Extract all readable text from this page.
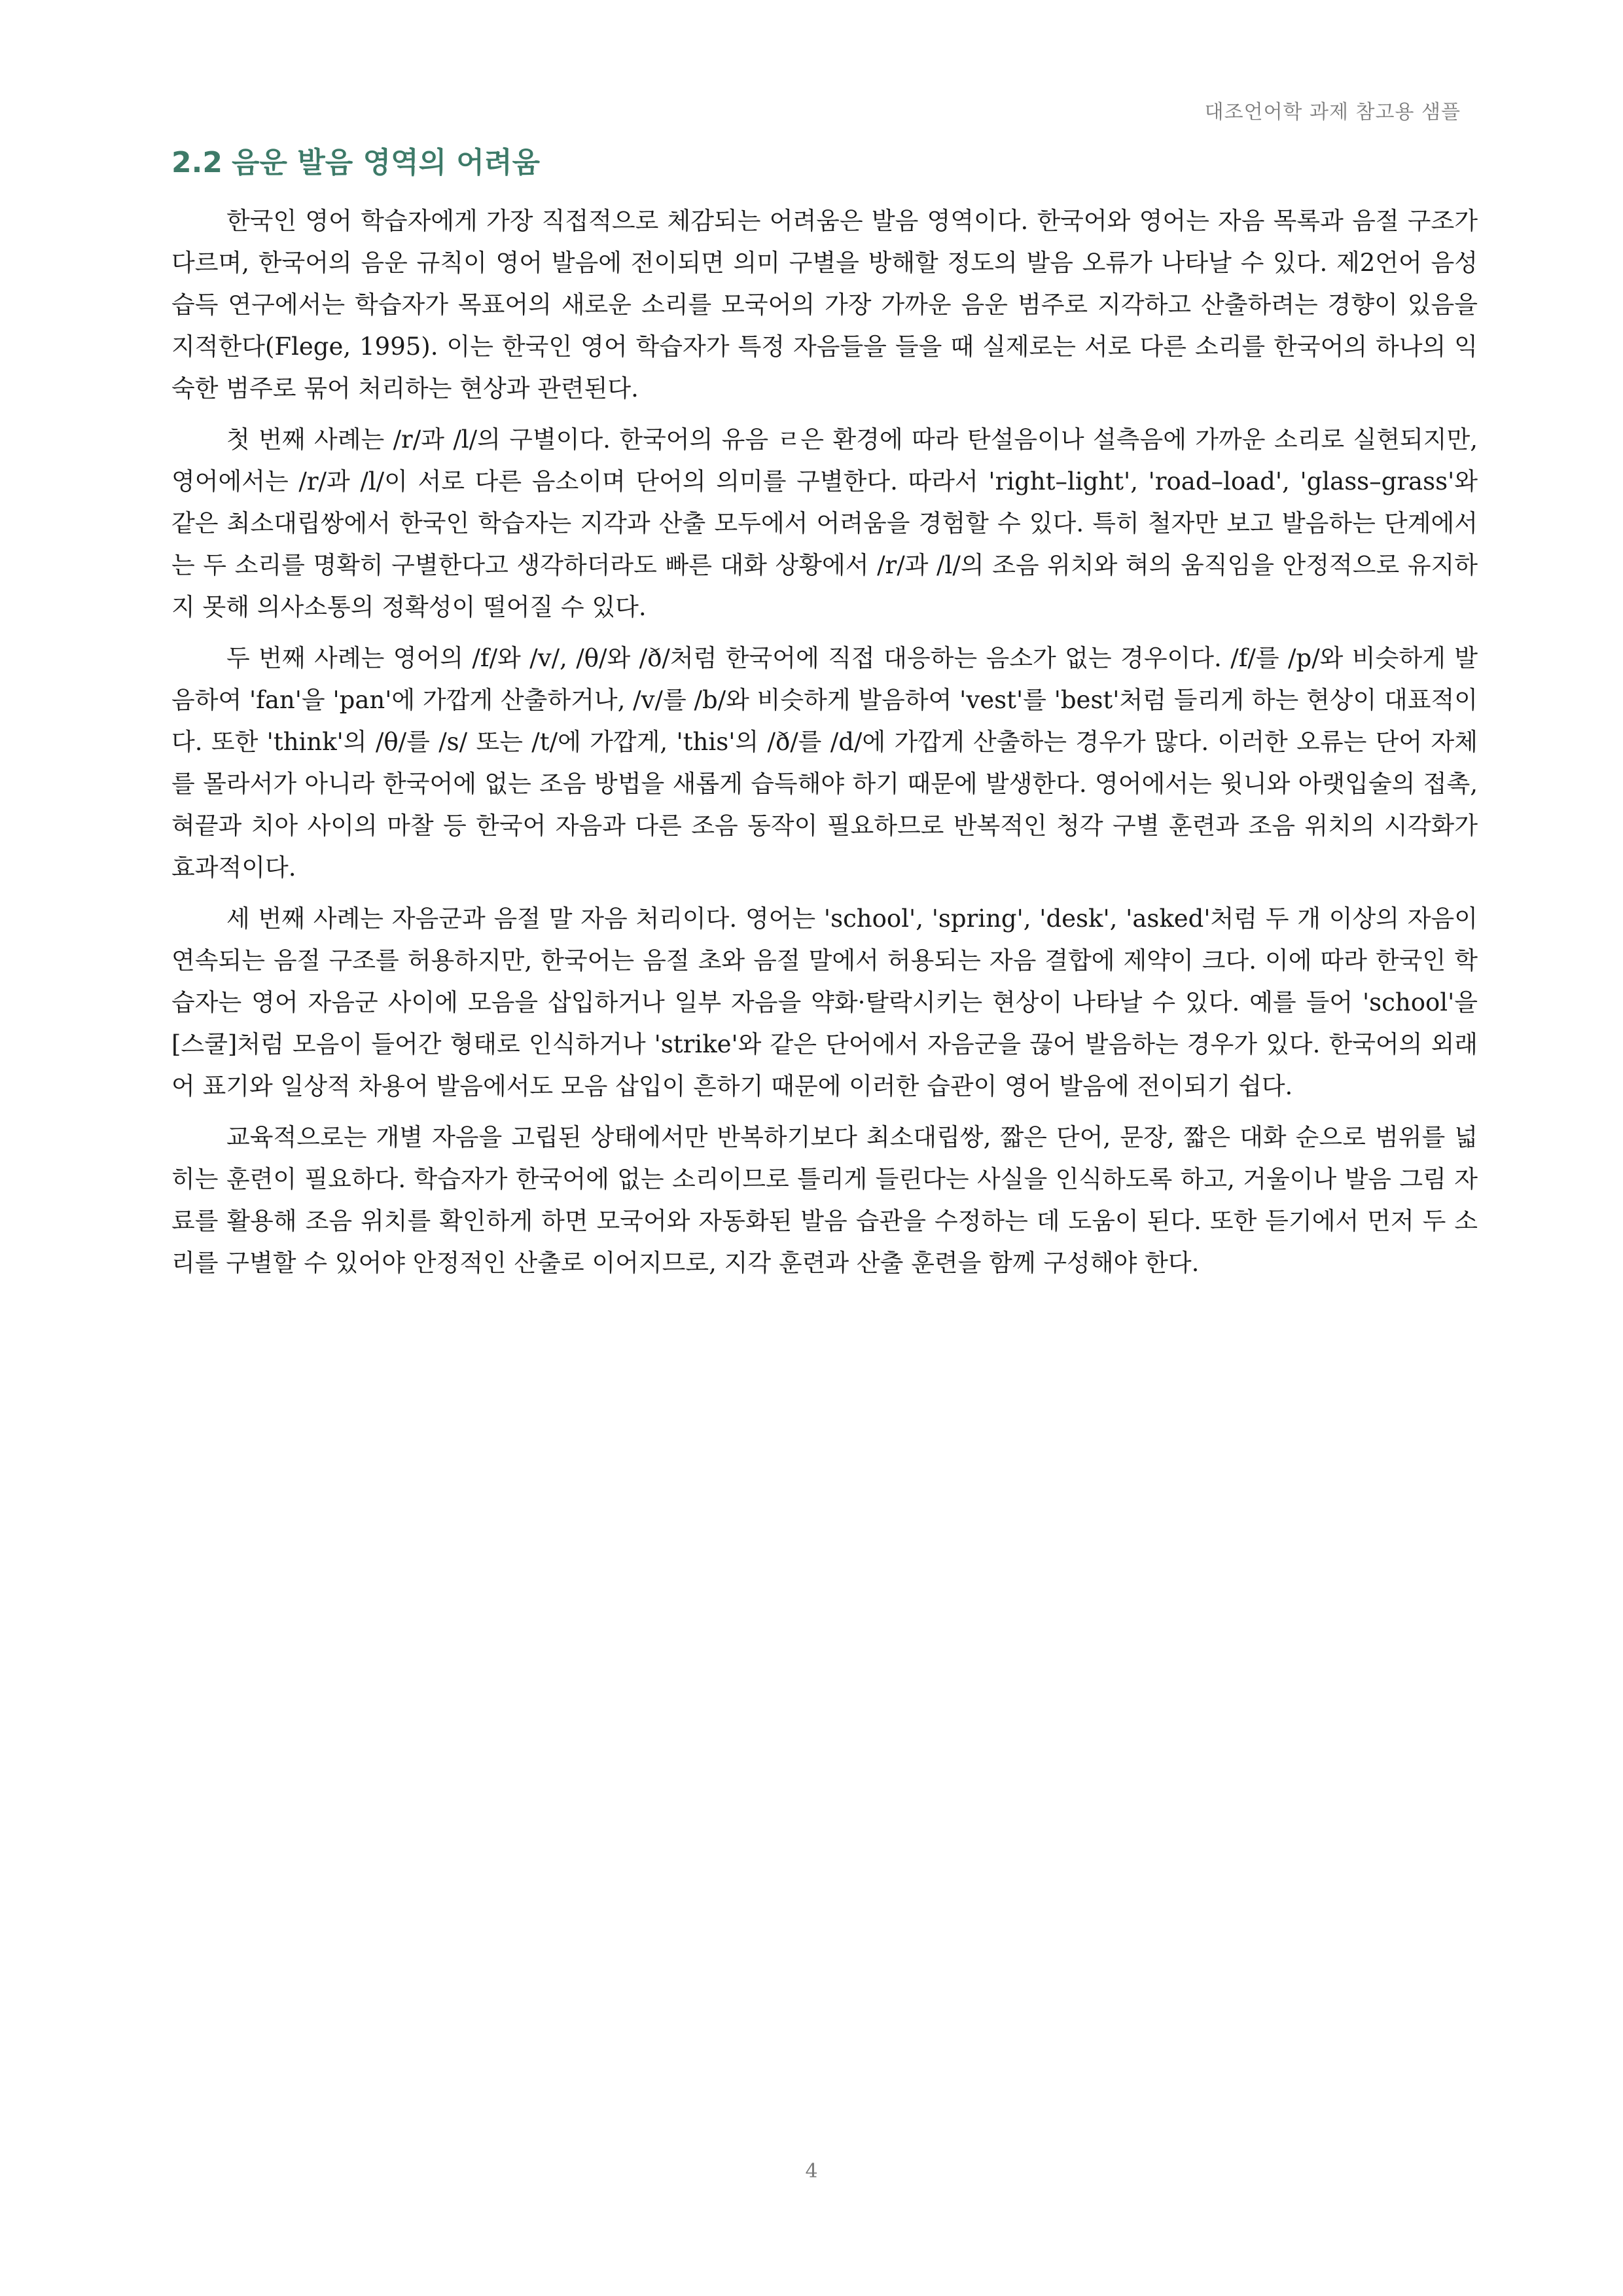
대조언어학 과제 참고용 샘플
2.2 음운 발음 영역의 어려움

한국인 영어 학습자에게 가장 직접적으로 체감되는 어려움은 발음 영역이다. 한국어와 영어는 자음 목록과 음절 구조가 다르며, 한국어의 음운 규칙이 영어 발음에 전이되면 의미 구별을 방해할 정도의 발음 오류가 나타날 수 있다. 제2언어 음성 습득 연구에서는 학습자가 목표어의 새로운 소리를 모국어의 가장 가까운 음운 범주로 지각하고 산출하려는 경향이 있음을 지적한다(Flege, 1995). 이는 한국인 영어 학습자가 특정 자음들을 들을 때 실제로는 서로 다른 소리를 한국어의 하나의 익숙한 범주로 묶어 처리하는 현상과 관련된다.

첫 번째 사례는 /r/과 /l/의 구별이다. 한국어의 유음 ㄹ은 환경에 따라 탄설음이나 설측음에 가까운 소리로 실현되지만, 영어에서는 /r/과 /l/이 서로 다른 음소이며 단어의 의미를 구별한다. 따라서 'right–light', 'road–load', 'glass–grass'와 같은 최소대립쌍에서 한국인 학습자는 지각과 산출 모두에서 어려움을 경험할 수 있다. 특히 철자만 보고 발음하는 단계에서는 두 소리를 명확히 구별한다고 생각하더라도 빠른 대화 상황에서 /r/과 /l/의 조음 위치와 혀의 움직임을 안정적으로 유지하지 못해 의사소통의 정확성이 떨어질 수 있다.

두 번째 사례는 영어의 /f/와 /v/, /θ/와 /ð/처럼 한국어에 직접 대응하는 음소가 없는 경우이다. /f/를 /p/와 비슷하게 발음하여 'fan'을 'pan'에 가깝게 산출하거나, /v/를 /b/와 비슷하게 발음하여 'vest'를 'best'처럼 들리게 하는 현상이 대표적이다. 또한 'think'의 /θ/를 /s/ 또는 /t/에 가깝게, 'this'의 /ð/를 /d/에 가깝게 산출하는 경우가 많다. 이러한 오류는 단어 자체를 몰라서가 아니라 한국어에 없는 조음 방법을 새롭게 습득해야 하기 때문에 발생한다. 영어에서는 윗니와 아랫입술의 접촉, 혀끝과 치아 사이의 마찰 등 한국어 자음과 다른 조음 동작이 필요하므로 반복적인 청각 구별 훈련과 조음 위치의 시각화가 효과적이다.

세 번째 사례는 자음군과 음절 말 자음 처리이다. 영어는 'school', 'spring', 'desk', 'asked'처럼 두 개 이상의 자음이 연속되는 음절 구조를 허용하지만, 한국어는 음절 초와 음절 말에서 허용되는 자음 결합에 제약이 크다. 이에 따라 한국인 학습자는 영어 자음군 사이에 모음을 삽입하거나 일부 자음을 약화·탈락시키는 현상이 나타날 수 있다. 예를 들어 'school'을 [스쿨]처럼 모음이 들어간 형태로 인식하거나 'strike'와 같은 단어에서 자음군을 끊어 발음하는 경우가 있다. 한국어의 외래어 표기와 일상적 차용어 발음에서도 모음 삽입이 흔하기 때문에 이러한 습관이 영어 발음에 전이되기 쉽다.

교육적으로는 개별 자음을 고립된 상태에서만 반복하기보다 최소대립쌍, 짧은 단어, 문장, 짧은 대화 순으로 범위를 넓히는 훈련이 필요하다. 학습자가 한국어에 없는 소리이므로 틀리게 들린다는 사실을 인식하도록 하고, 거울이나 발음 그림 자료를 활용해 조음 위치를 확인하게 하면 모국어와 자동화된 발음 습관을 수정하는 데 도움이 된다. 또한 듣기에서 먼저 두 소리를 구별할 수 있어야 안정적인 산출로 이어지므로, 지각 훈련과 산출 훈련을 함께 구성해야 한다.

4
